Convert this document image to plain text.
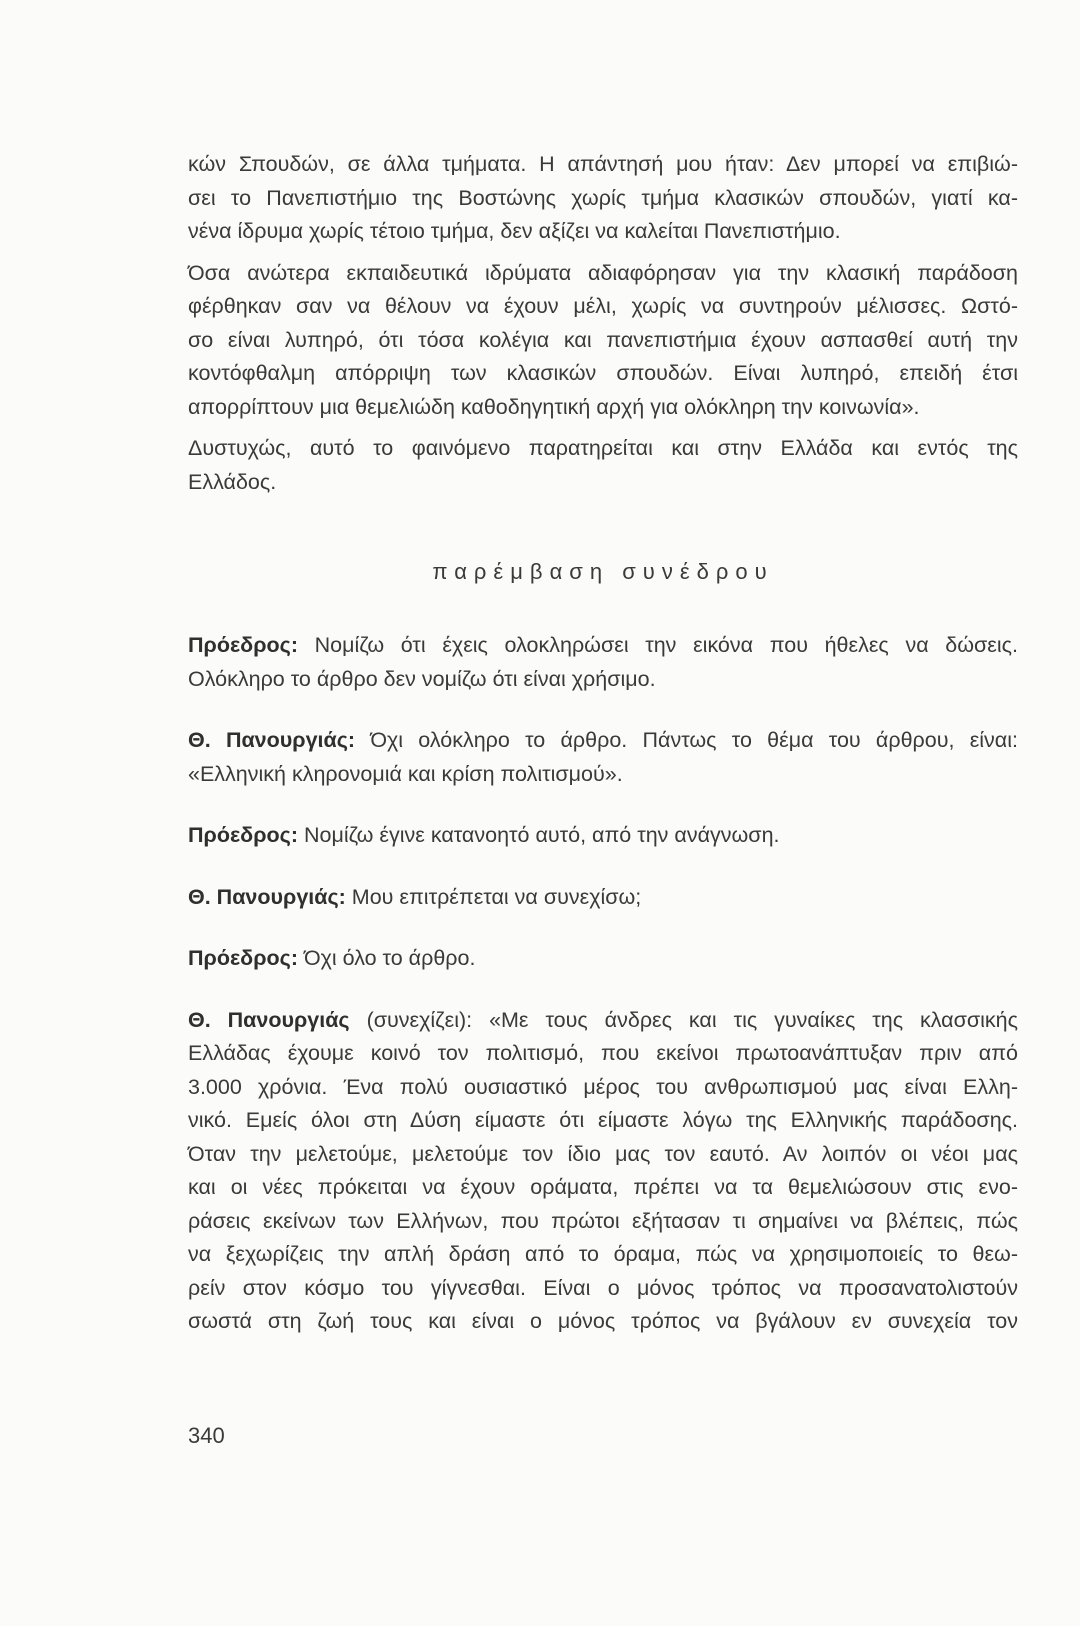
κών Σπουδών, σε άλλα τμήματα. Η απάντησή μου ήταν: Δεν μπορεί να επιβιώ-
σει το Πανεπιστήμιο της Βοστώνης χωρίς τμήμα κλασικών σπουδών, γιατί κα-
νένα ίδρυμα χωρίς τέτοιο τμήμα, δεν αξίζει να καλείται Πανεπιστήμιο.
Όσα ανώτερα εκπαιδευτικά ιδρύματα αδιαφόρησαν για την κλασική παράδοση
φέρθηκαν σαν να θέλουν να έχουν μέλι, χωρίς να συντηρούν μέλισσες. Ωστό-
σο είναι λυπηρό, ότι τόσα κολέγια και πανεπιστήμια έχουν ασπασθεί αυτή την
κοντόφθαλμη απόρριψη των κλασικών σπουδών. Είναι λυπηρό, επειδή έτσι
απορρίπτουν μια θεμελιώδη καθοδηγητική αρχή για ολόκληρη την κοινωνία».
Δυστυχώς, αυτό το φαινόμενο παρατηρείται και στην Ελλάδα και εντός της
Ελλάδος.
παρέμβαση συνέδρου
Πρόεδρος: Νομίζω ότι έχεις ολοκληρώσει την εικόνα που ήθελες να δώσεις.
Ολόκληρο το άρθρο δεν νομίζω ότι είναι χρήσιμο.
Θ. Πανουργιάς: Όχι ολόκληρο το άρθρο. Πάντως το θέμα του άρθρου, είναι:
«Ελληνική κληρονομιά και κρίση πολιτισμού».
Πρόεδρος: Νομίζω έγινε κατανοητό αυτό, από την ανάγνωση.
Θ. Πανουργιάς: Μου επιτρέπεται να συνεχίσω;
Πρόεδρος: Όχι όλο το άρθρο.
Θ. Πανουργιάς (συνεχίζει): «Με τους άνδρες και τις γυναίκες της κλασσικής
Ελλάδας έχουμε κοινό τον πολιτισμό, που εκείνοι πρωτοανάπτυξαν πριν από
3.000 χρόνια. Ένα πολύ ουσιαστικό μέρος του ανθρωπισμού μας είναι Ελλη-
νικό. Εμείς όλοι στη Δύση είμαστε ότι είμαστε λόγω της Ελληνικής παράδοσης.
Όταν την μελετούμε, μελετούμε τον ίδιο μας τον εαυτό. Αν λοιπόν οι νέοι μας
και οι νέες πρόκειται να έχουν οράματα, πρέπει να τα θεμελιώσουν στις ενο-
ράσεις εκείνων των Ελλήνων, που πρώτοι εξήτασαν τι σημαίνει να βλέπεις, πώς
να ξεχωρίζεις την απλή δράση από το όραμα, πώς να χρησιμοποιείς το θεω-
ρείν στον κόσμο του γίγνεσθαι. Είναι ο μόνος τρόπος να προσανατολιστούν
σωστά στη ζωή τους και είναι ο μόνος τρόπος να βγάλουν εν συνεχεία τον
340
